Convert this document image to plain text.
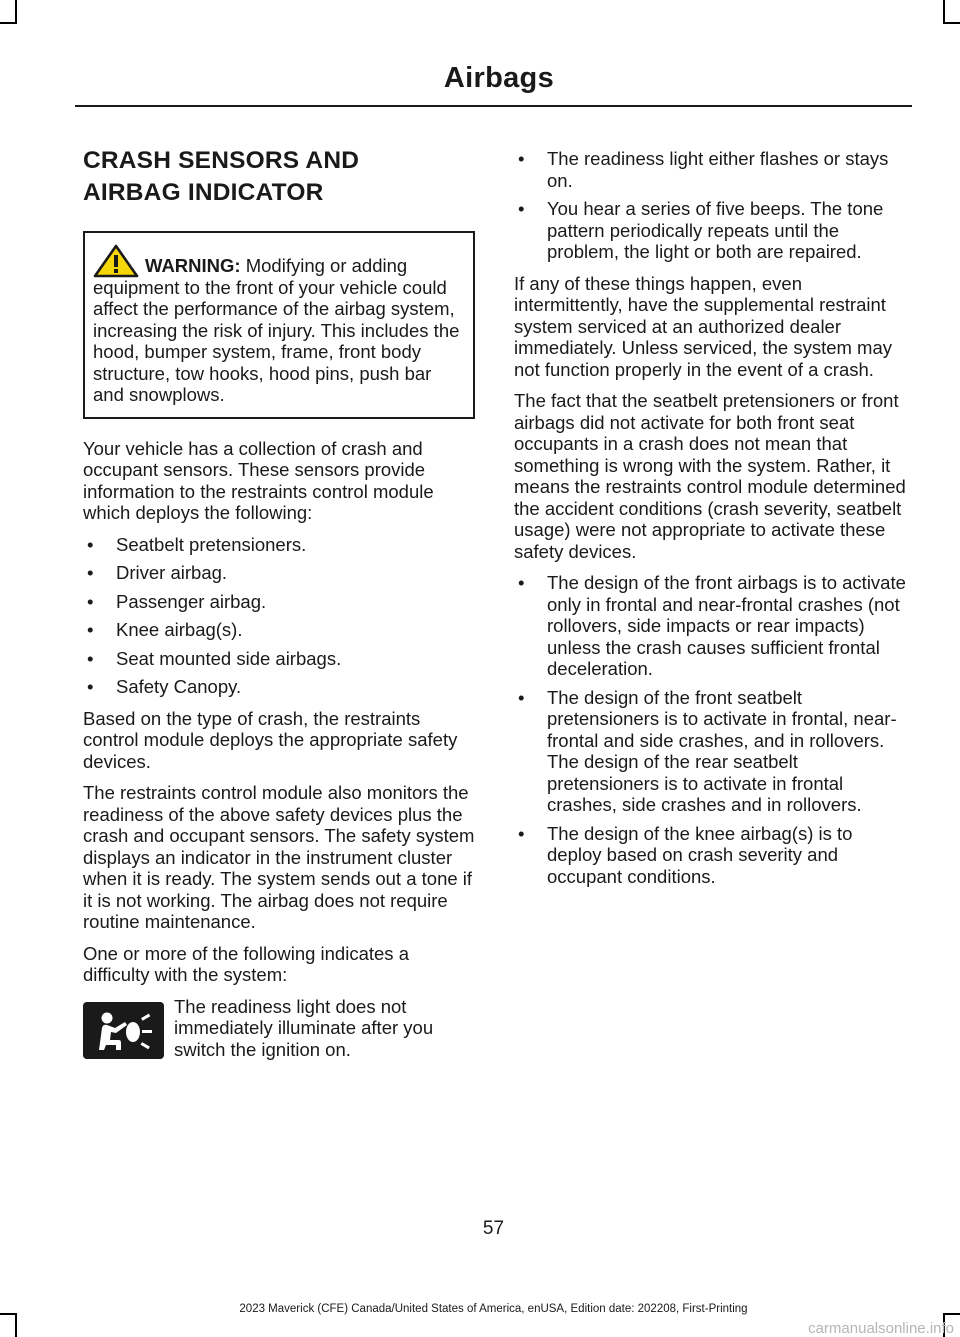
Airbags
CRASH SENSORS AND
AIRBAG INDICATOR
WARNING: Modifying or adding equipment to the front of your vehicle could affect the performance of the airbag system, increasing the risk of injury. This includes the hood, bumper system, frame, front body structure, tow hooks, hood pins, push bar and snowplows.

Your vehicle has a collection of crash and occupant sensors. These sensors provide information to the restraints control module which deploys the following:

• Seatbelt pretensioners.
• Driver airbag.
• Passenger airbag.
• Knee airbag(s).
• Seat mounted side airbags.
• Safety Canopy.

Based on the type of crash, the restraints control module deploys the appropriate safety devices.

The restraints control module also monitors the readiness of the above safety devices plus the crash and occupant sensors. The safety system displays an indicator in the instrument cluster when it is ready. The system sends out a tone if it is not working. The airbag does not require routine maintenance.

One or more of the following indicates a difficulty with the system:

The readiness light does not immediately illuminate after you switch the ignition on.
• The readiness light either flashes or stays on.
• You hear a series of five beeps. The tone pattern periodically repeats until the problem, the light or both are repaired.

If any of these things happen, even intermittently, have the supplemental restraint system serviced at an authorized dealer immediately. Unless serviced, the system may not function properly in the event of a crash.

The fact that the seatbelt pretensioners or front airbags did not activate for both front seat occupants in a crash does not mean that something is wrong with the system. Rather, it means the restraints control module determined the accident conditions (crash severity, seatbelt usage) were not appropriate to activate these safety devices.

• The design of the front airbags is to activate only in frontal and near-frontal crashes (not rollovers, side impacts or rear impacts) unless the crash causes sufficient frontal deceleration.
• The design of the front seatbelt pretensioners is to activate in frontal, near-frontal and side crashes, and in rollovers. The design of the rear seatbelt pretensioners is to activate in frontal crashes, side crashes and in rollovers.
• The design of the knee airbag(s) is to deploy based on crash severity and occupant conditions.
57
2023 Maverick (CFE) Canada/United States of America, enUSA, Edition date: 202208, First-Printing
carmanualsonline.info
